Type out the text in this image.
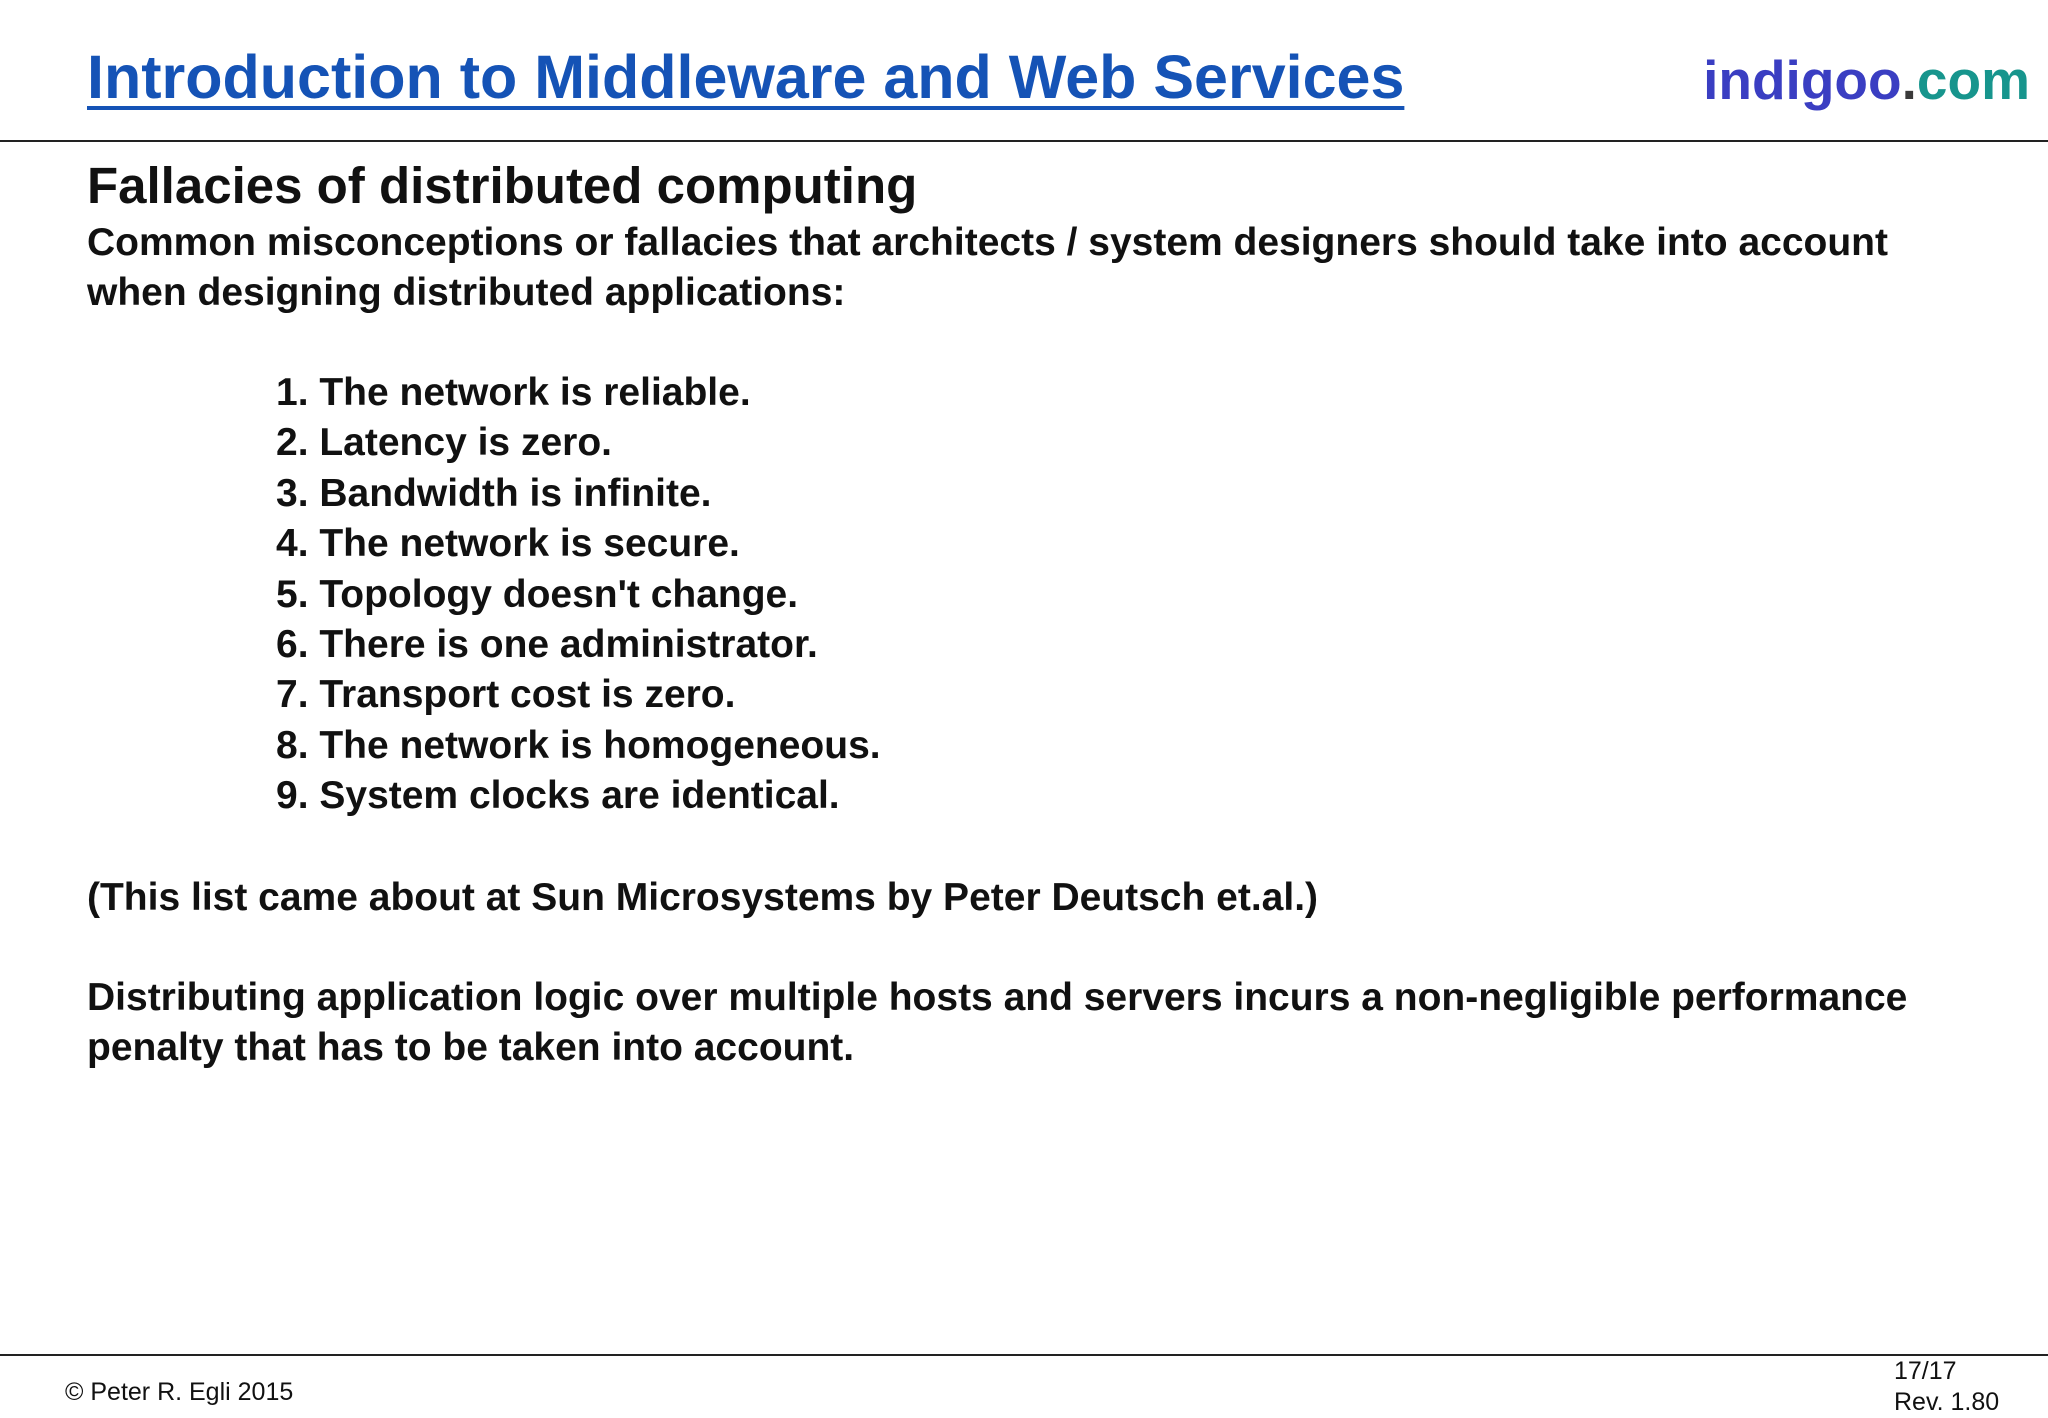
Introduction to Middleware and Web Services	indigoo.com
Fallacies of distributed computing

Common misconceptions or fallacies that architects / system designers should take into account when designing distributed applications:

1. The network is reliable.
2. Latency is zero.
3. Bandwidth is infinite.
4. The network is secure.
5. Topology doesn't change.
6. There is one administrator.
7. Transport cost is zero.
8. The network is homogeneous.
9. System clocks are identical.

(This list came about at Sun Microsystems by Peter Deutsch et.al.)

Distributing application logic over multiple hosts and servers incurs a non-negligible performance penalty that has to be taken into account.

© Peter R. Egli 2015
17/17
Rev. 1.80
